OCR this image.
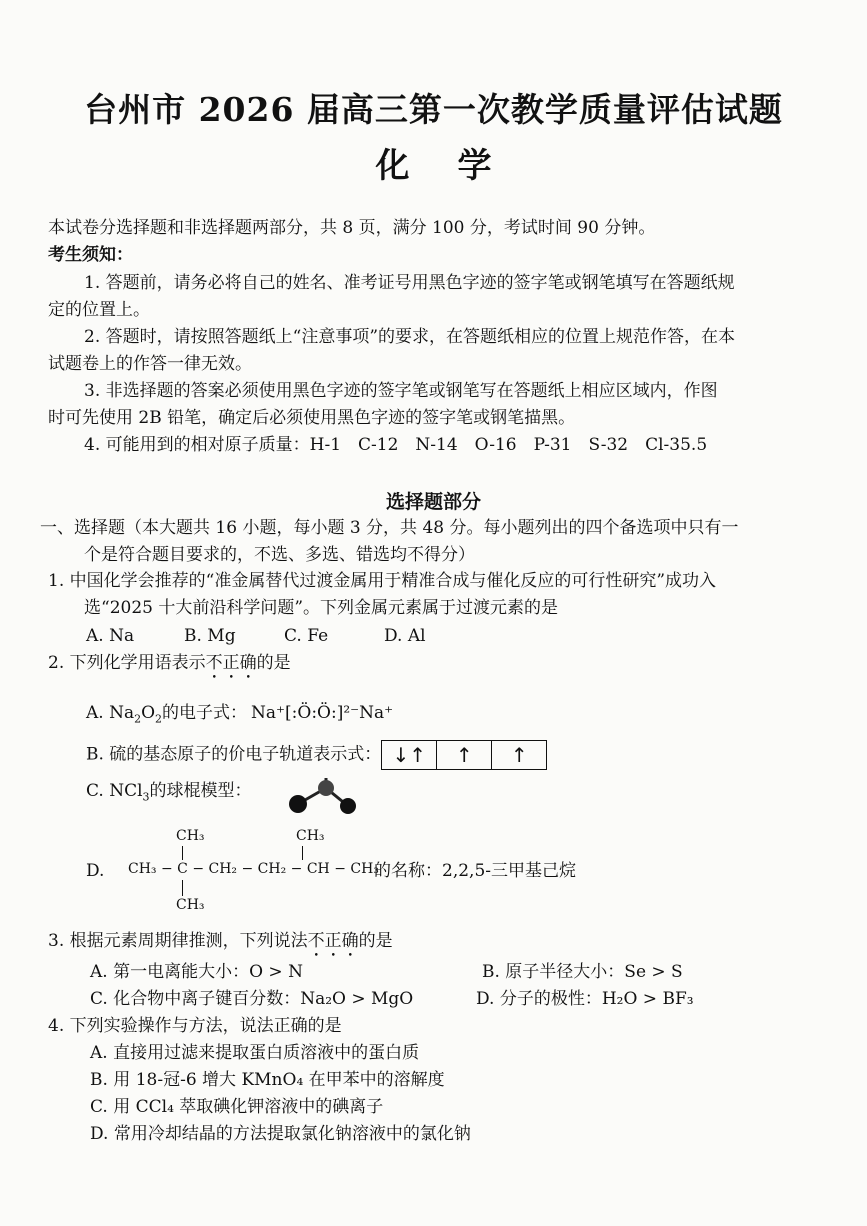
台州市 2026 届高三第一次教学质量评估试题
化 学
本试卷分选择题和非选择题两部分，共 8 页，满分 100 分，考试时间 90 分钟。
考生须知：
1. 答题前，请务必将自己的姓名、准考证号用黑色字迹的签字笔或钢笔填写在答题纸规
定的位置上。
2. 答题时，请按照答题纸上“注意事项”的要求，在答题纸相应的位置上规范作答，在本
试题卷上的作答一律无效。
3. 非选择题的答案必须使用黑色字迹的签字笔或钢笔写在答题纸上相应区域内，作图
时可先使用 2B 铅笔，确定后必须使用黑色字迹的签字笔或钢笔描黑。
4. 可能用到的相对原子质量：H-1　C-12　N-14　O-16　P-31　S-32　Cl-35.5
选择题部分
一、选择题（本大题共 16 小题，每小题 3 分，共 48 分。每小题列出的四个备选项中只有一
个是符合题目要求的，不选、多选、错选均不得分）
1. 中国化学会推荐的“准金属替代过渡金属用于精准合成与催化反应的可行性研究”成功入
选“2025 十大前沿科学问题”。下列金属元素属于过渡元素的是
A. Na	B. Mg	C. Fe	D. Al
2. 下列化学用语表示不正确的是
A. $Na_2O_2$的电子式： Na⁺[:Ö:Ö:]²⁻Na⁺
B. 硫的基态原子的价电子轨道表示式： ↓↑ ↑ ↑
C. NCl$_3$的球棍模型：
D.
CH₃	CH₃
CH₃ − C − CH₂ − CH₂ − CH − CH₃
CH₃
的名称：2,2,5-三甲基己烷
3. 根据元素周期律推测，下列说法不正确的是
A. 第一电离能大小：O > N	B. 原子半径大小：Se > S
C. 化合物中离子键百分数：Na₂O > MgO	D. 分子的极性：H₂O > BF₃
4. 下列实验操作与方法，说法正确的是
A. 直接用过滤来提取蛋白质溶液中的蛋白质
B. 用 18-冠-6 增大 KMnO₄ 在甲苯中的溶解度
C. 用 CCl₄ 萃取碘化钾溶液中的碘离子
D. 常用冷却结晶的方法提取氯化钠溶液中的氯化钠
